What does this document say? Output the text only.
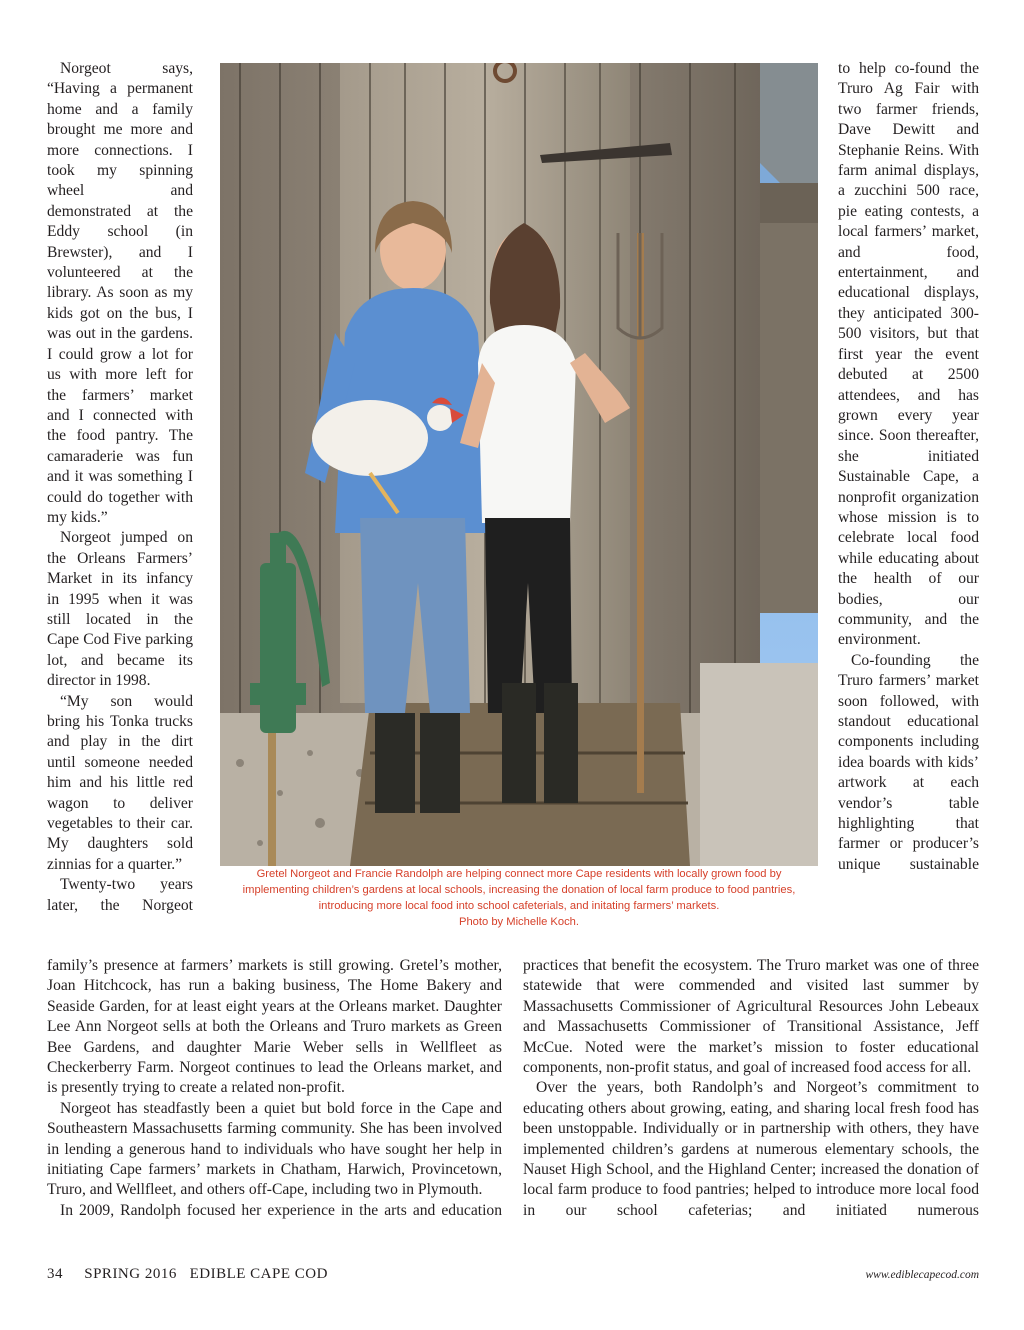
Norgeot says, “Having a permanent home and a family brought me more and more connections. I took my spinning wheel and demonstrated at the Eddy school (in Brewster), and I volunteered at the library. As soon as my kids got on the bus, I was out in the gardens. I could grow a lot for us with more left for the farmers’ market and I connected with the food pantry. The camaraderie was fun and it was something I could do together with my kids.”

Norgeot jumped on the Orleans Farmers’ Market in its infancy in 1995 when it was still located in the Cape Cod Five parking lot, and became its director in 1998.

“My son would bring his Tonka trucks and play in the dirt until someone needed him and his little red wagon to deliver vegetables to their car. My daughters sold zinnias for a quarter.”

Twenty-two years later, the Norgeot

Gretel Norgeot and Francie Randolph are helping connect more Cape residents with locally grown food by
implementing children’s gardens at local schools, increasing the donation of local farm produce to food pantries,
introducing more local food into school cafeterials, and initating farmers’ markets.
Photo by Michelle Koch.

to help co-found the Truro Ag Fair with two farmer friends, Dave Dewitt and Stephanie Reins. With farm animal displays, a zucchini 500 race, pie eating contests, a local farmers’ market, and food, entertainment, and educational displays, they anticipated 300-500 visitors, but that first year the event debuted at 2500 attendees, and has grown every year since. Soon thereafter, she initiated Sustainable Cape, a nonprofit organization whose mission is to celebrate local food while educating about the health of our bodies, our community, and the environment.

Co-founding the Truro farmers’ market soon followed, with standout educational components including idea boards with kids’ artwork at each vendor’s table highlighting that farmer or producer’s unique sustainable

family’s presence at farmers’ markets is still growing. Gretel’s mother, Joan Hitchcock, has run a baking business, The Home Bakery and Seaside Garden, for at least eight years at the Orleans market. Daughter Lee Ann Norgeot sells at both the Orleans and Truro markets as Green Bee Gardens, and daughter Marie Weber sells in Wellfleet as Checkerberry Farm. Norgeot continues to lead the Orleans market, and is presently trying to create a related non-profit.

Norgeot has steadfastly been a quiet but bold force in the Cape and Southeastern Massachusetts farming community. She has been involved in lending a generous hand to individuals who have sought her help in initiating Cape farmers’ markets in Chatham, Harwich, Provincetown, Truro, and Wellfleet, and others off-Cape, including two in Plymouth.

In 2009, Randolph focused her experience in the arts and education

practices that benefit the ecosystem. The Truro market was one of three statewide that were commended and visited last summer by Massachusetts Commissioner of Agricultural Resources John Lebeaux and Massachusetts Commissioner of Transitional Assistance, Jeff McCue. Noted were the market’s mission to foster educational components, non-profit status, and goal of increased food access for all.

Over the years, both Randolph’s and Norgeot’s commitment to educating others about growing, eating, and sharing local fresh food has been unstoppable. Individually or in partnership with others, they have implemented children’s gardens at numerous elementary schools, the Nauset High School, and the Highland Center; increased the donation of local farm produce to food pantries; helped to introduce more local food in our school cafeterias; and initiated numerous

34 SPRING 2016 EDIBLE CAPE COD	www.ediblecapecod.com
